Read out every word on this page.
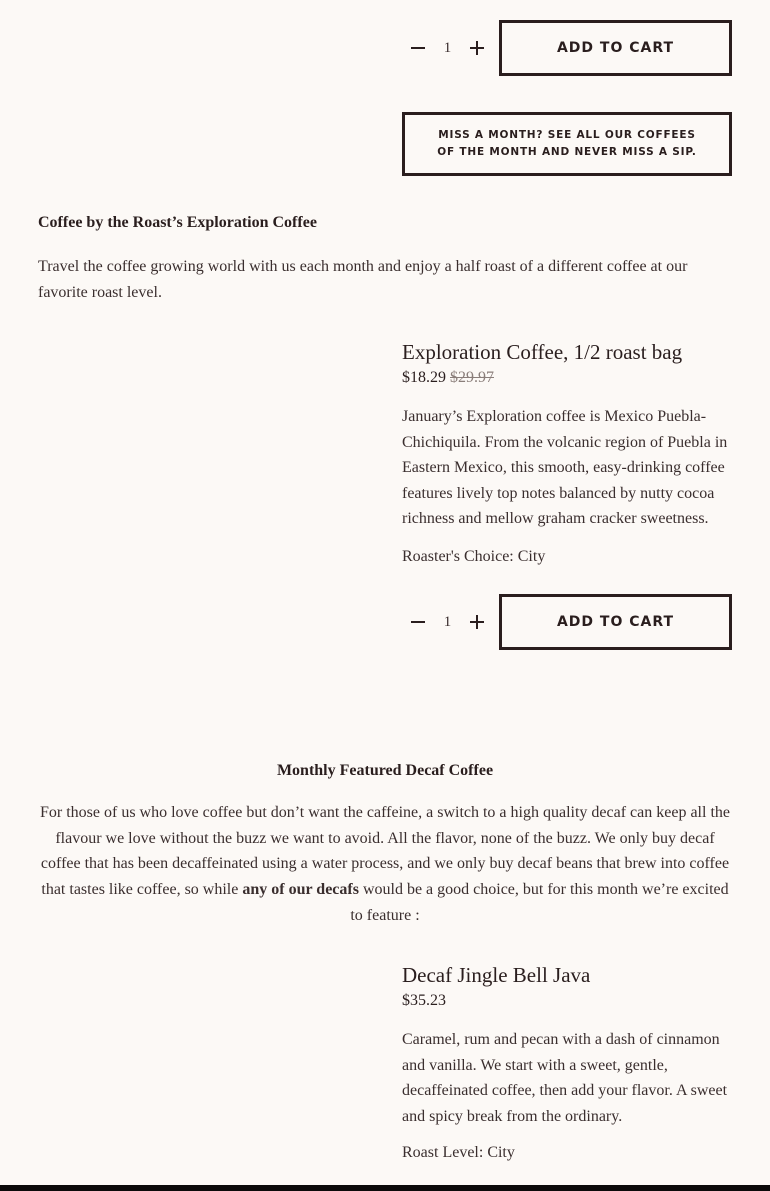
1	ADD TO CART
MISS A MONTH? SEE ALL OUR COFFEES
OF THE MONTH AND NEVER MISS A SIP.
Coffee by the Roast’s Exploration Coffee
Travel the coffee growing world with us each month and enjoy a half roast of a different coffee at our favorite roast level.
Exploration Coffee, 1/2 roast bag
$18.29 $29.97
January’s Exploration coffee is Mexico Puebla-Chichiquila. From the volcanic region of Puebla in Eastern Mexico, this smooth, easy-drinking coffee features lively top notes balanced by nutty cocoa richness and mellow graham cracker sweetness.
Roaster's Choice: City
1	ADD TO CART
Monthly Featured Decaf Coffee
For those of us who love coffee but don’t want the caffeine, a switch to a high quality decaf can keep all the flavour we love without the buzz we want to avoid. All the flavor, none of the buzz. We only buy decaf coffee that has been decaffeinated using a water process, and we only buy decaf beans that brew into coffee that tastes like coffee, so while any of our decafs would be a good choice, but for this month we’re excited to feature :
Decaf Jingle Bell Java
$35.23
Caramel, rum and pecan with a dash of cinnamon and vanilla. We start with a sweet, gentle, decaffeinated coffee, then add your flavor. A sweet and spicy break from the ordinary.
Roast Level: City
